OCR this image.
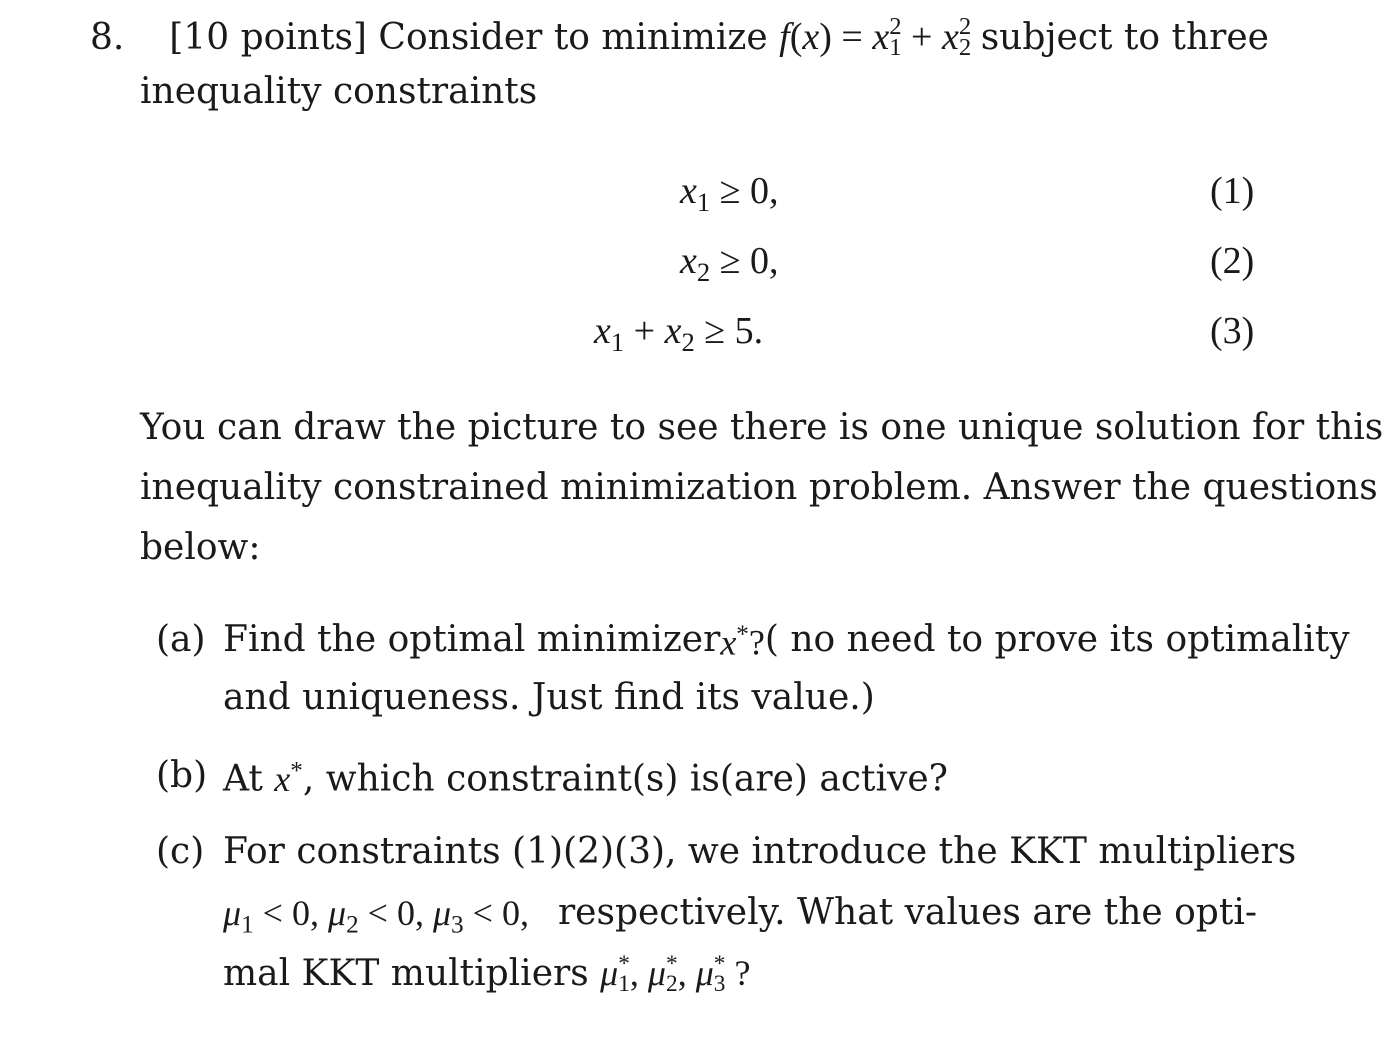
8. [10 points] Consider to minimize f(x) = x 2
1 + x 2
2 subject to three
inequality constraints
$x_1 \ge 0$,	(1)
$x_2 \ge 0$,	(2)
$x_1 + x_2 \ge 5$.	(3)
You can draw the picture to see there is one unique solution for this
inequality constrained minimization problem. Answer the questions
below:
(a) Find the optimal minimizer x*? ( no need to prove its optimality
and uniqueness. Just find its value.)
(b) At x*, which constraint(s) is(are) active?
(c) For constraints (1)(2)(3), we introduce the KKT multipliers
$\mu_1 < 0$, $\mu_2 < 0$, $\mu_3 < 0$, respectively. What values are the opti-
mal KKT multipliers μ *
1 , μ *
2 , μ *
3 ?
